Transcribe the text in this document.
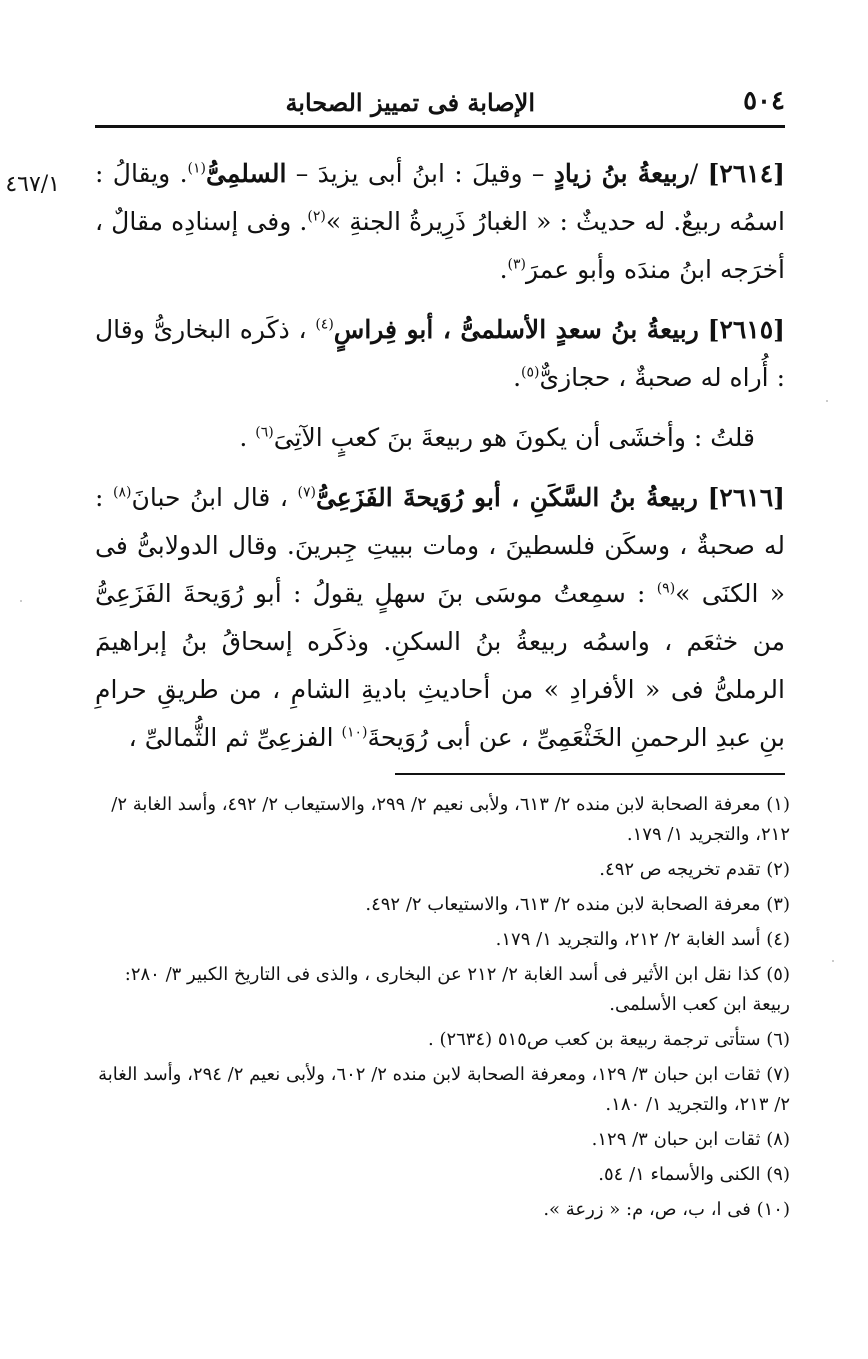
٥٠٤
الإصابة فى تمييز الصحابة
٤٦٧/١	[٢٦١٤] /ربيعةُ بنُ زيادٍ – وقيلَ : ابنُ أبى يزيدَ – السلمِىُّ$^{(١)}$. ويقالُ : اسمُه ربيعٌ. له حديثٌ : « الغبارُ ذَرِيرةُ الجنةِ »$^{(٢)}$. وفى إسنادِه مقالٌ ، أخرَجه ابنُ مندَه وأبو عمرَ$^{(٣)}$.

[٢٦١٥] ربيعةُ بنُ سعدٍ الأسلمىُّ ، أبو فِراسٍ$^{(٤)}$ ، ذكَره البخارىُّ وقال : أُراه له صحبةٌ ، حجازىٌّ$^{(٥)}$.

قلتُ : وأخشَى أن يكونَ هو ربيعةَ بنَ كعبٍ الآتِىَ$^{(٦)}$ .

[٢٦١٦] ربيعةُ بنُ السَّكَنِ ، أبو رُوَيحةَ الفَزَعِىُّ$^{(٧)}$ ، قال ابنُ حبانَ$^{(٨)}$ : له صحبةٌ ، وسكَن فلسطينَ ، ومات ببيتِ جِبرينَ. وقال الدولابىُّ فى « الكنَى »$^{(٩)}$ : سمِعتُ موسَى بنَ سهلٍ يقولُ : أبو رُوَيحةَ الفَزَعِىُّ من خثعَم ، واسمُه ربيعةُ بنُ السكنِ. وذكَره إسحاقُ بنُ إبراهيمَ الرملىُّ فى « الأفرادِ » من أحاديثِ باديةِ الشامِ ، من طريقِ حرامِ بنِ عبدِ الرحمنِ الخَثْعَمِىِّ ، عن أبى رُوَيحةَ$^{(١٠)}$ الفزعِىِّ ثم الثُّمالىِّ ،

(١) معرفة الصحابة لابن منده ٢/ ٦١٣، ولأبى نعيم ٢/ ٢٩٩، والاستيعاب ٢/ ٤٩٢، وأسد الغابة ٢/ ٢١٢، والتجريد ١/ ١٧٩.
(٢) تقدم تخريجه ص ٤٩٢.
(٣) معرفة الصحابة لابن منده ٢/ ٦١٣، والاستيعاب ٢/ ٤٩٢.
(٤) أسد الغابة ٢/ ٢١٢، والتجريد ١/ ١٧٩.
(٥) كذا نقل ابن الأثير فى أسد الغابة ٢/ ٢١٢ عن البخارى ، والذى فى التاريخ الكبير ٣/ ٢٨٠: ربيعة ابن كعب الأسلمى.
(٦) ستأتى ترجمة ربيعة بن كعب ص٥١٥ (٢٦٣٤) .
(٧) ثقات ابن حبان ٣/ ١٢٩، ومعرفة الصحابة لابن منده ٢/ ٦٠٢، ولأبى نعيم ٢/ ٢٩٤، وأسد الغابة ٢/ ٢١٣، والتجريد ١/ ١٨٠.
(٨) ثقات ابن حبان ٣/ ١٢٩.
(٩) الكنى والأسماء ١/ ٥٤.
(١٠) فى ا، ب، ص، م: « زرعة ».
